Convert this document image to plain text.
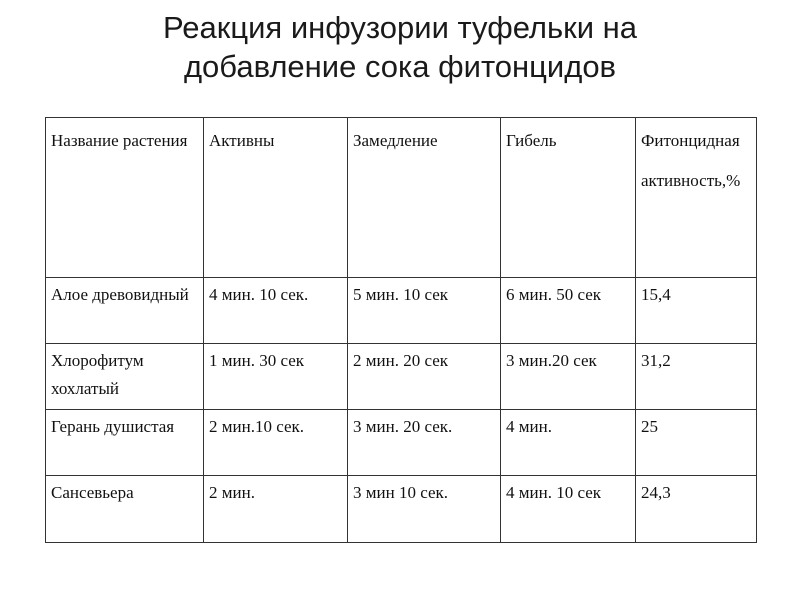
Реакция инфузории туфельки на
добавление сока фитонцидов
Название растения	Активны	Замедление	Гибель	Фитонцидная активность,%
Алое древовидный	4 мин. 10 сек.	5 мин. 10 сек	6 мин. 50 сек	15,4
Хлорофитум хохлатый	1 мин. 30 сек	2 мин. 20 сек	3 мин.20 сек	31,2
Герань душистая	2 мин.10 сек.	3 мин. 20 сек.	4 мин.	25
Сансевьера	2 мин.	3 мин 10 сек.	4 мин. 10 сек	24,3
